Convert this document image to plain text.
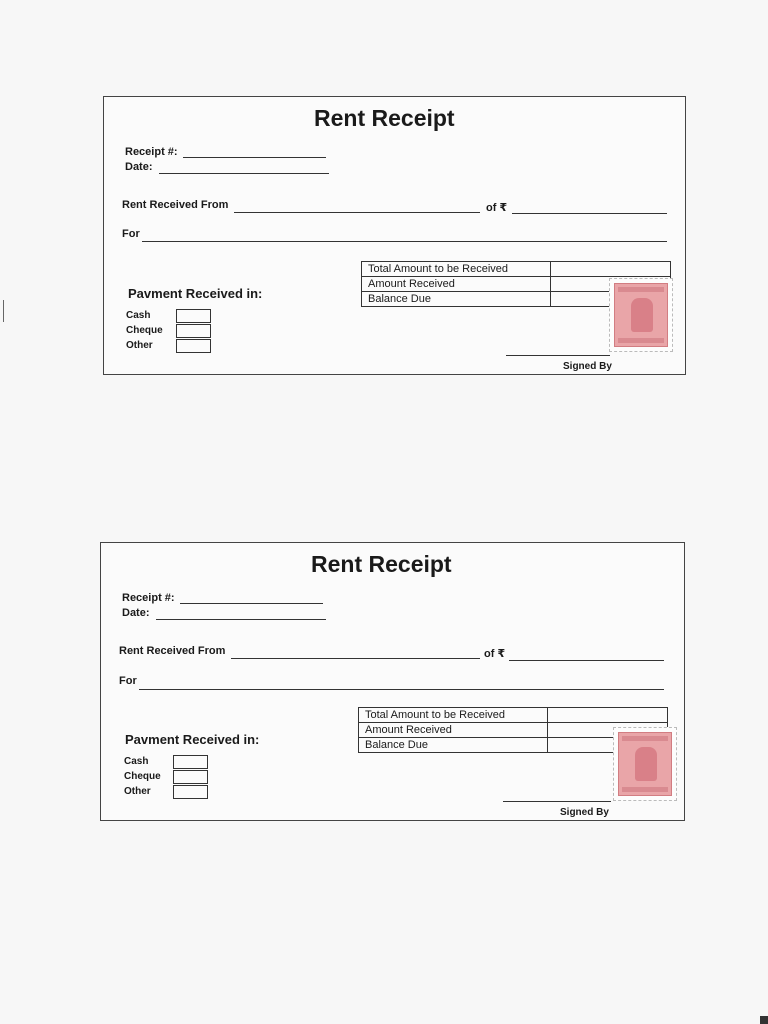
Rent Receipt
Receipt #:
Date:
Rent Received From	of ₹
For
Total Amount to be Received	
Amount Received	
Balance Due	
Pavment Received in:
Cash
Cheque
Other
Signed By
Rent Receipt
Receipt #:
Date:
Rent Received From	of ₹
For
Total Amount to be Received	
Amount Received	
Balance Due	
Pavment Received in:
Cash
Cheque
Other
Signed By
